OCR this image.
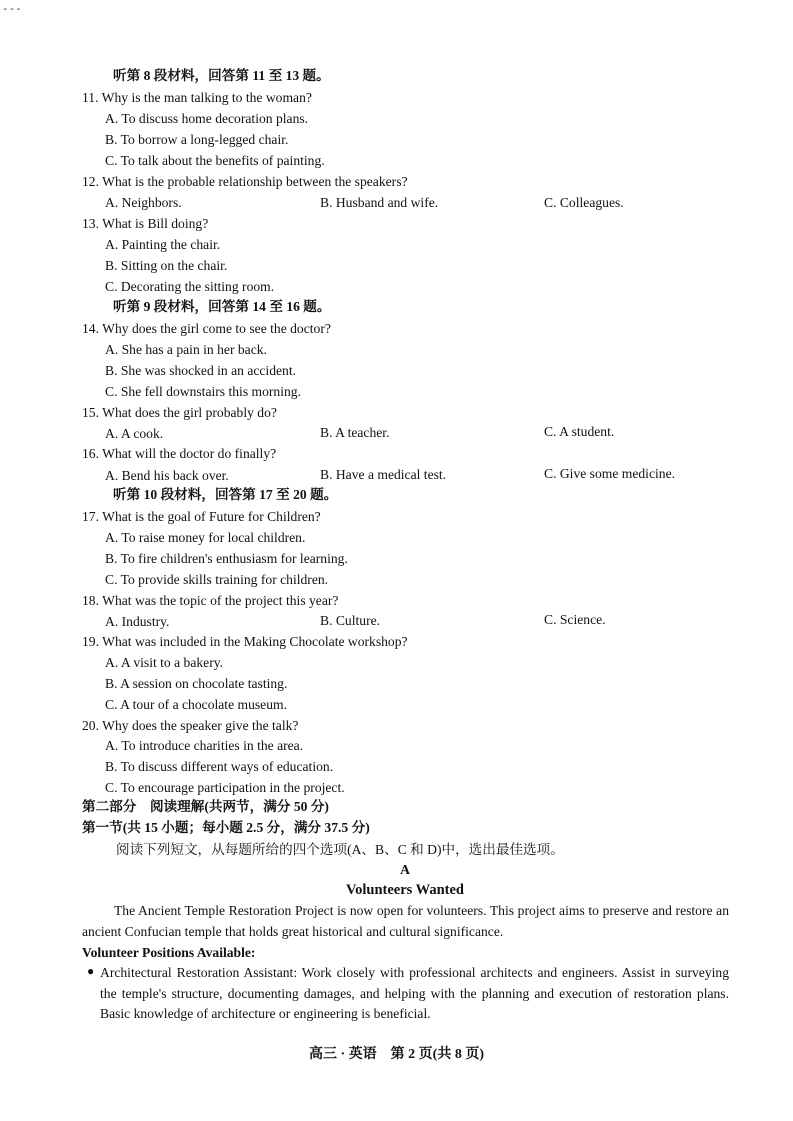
---
听第 8 段材料，回答第 11 至 13 题。
11. Why is the man talking to the woman?
A. To discuss home decoration plans.
B. To borrow a long-legged chair.
C. To talk about the benefits of painting.
12. What is the probable relationship between the speakers?
A. Neighbors.	B. Husband and wife.	C. Colleagues.
13. What is Bill doing?
A. Painting the chair.
B. Sitting on the chair.
C. Decorating the sitting room.
听第 9 段材料，回答第 14 至 16 题。
14. Why does the girl come to see the doctor?
A. She has a pain in her back.
B. She was shocked in an accident.
C. She fell downstairs this morning.
15. What does the girl probably do?
A. A cook.	B. A teacher.	C. A student.
16. What will the doctor do finally?
A. Bend his back over.	B. Have a medical test.	C. Give some medicine.
听第 10 段材料，回答第 17 至 20 题。
17. What is the goal of Future for Children?
A. To raise money for local children.
B. To fire children's enthusiasm for learning.
C. To provide skills training for children.
18. What was the topic of the project this year?
A. Industry.	B. Culture.	C. Science.
19. What was included in the Making Chocolate workshop?
A. A visit to a bakery.
B. A session on chocolate tasting.
C. A tour of a chocolate museum.
20. Why does the speaker give the talk?
A. To introduce charities in the area.
B. To discuss different ways of education.
C. To encourage participation in the project.
第二部分　阅读理解(共两节，满分 50 分)
第一节(共 15 小题；每小题 2.5 分，满分 37.5 分)
阅读下列短文，从每题所给的四个选项(A、B、C 和 D)中，选出最佳选项。
A
Volunteers Wanted
The Ancient Temple Restoration Project is now open for volunteers. This project aims to preserve and restore an ancient Confucian temple that holds great historical and cultural significance.
Volunteer Positions Available:
● Architectural Restoration Assistant: Work closely with professional architects and engineers. Assist in surveying the temple's structure, documenting damages, and helping with the planning and execution of restoration plans. Basic knowledge of architecture or engineering is beneficial.
高三 · 英语　第 2 页(共 8 页)
